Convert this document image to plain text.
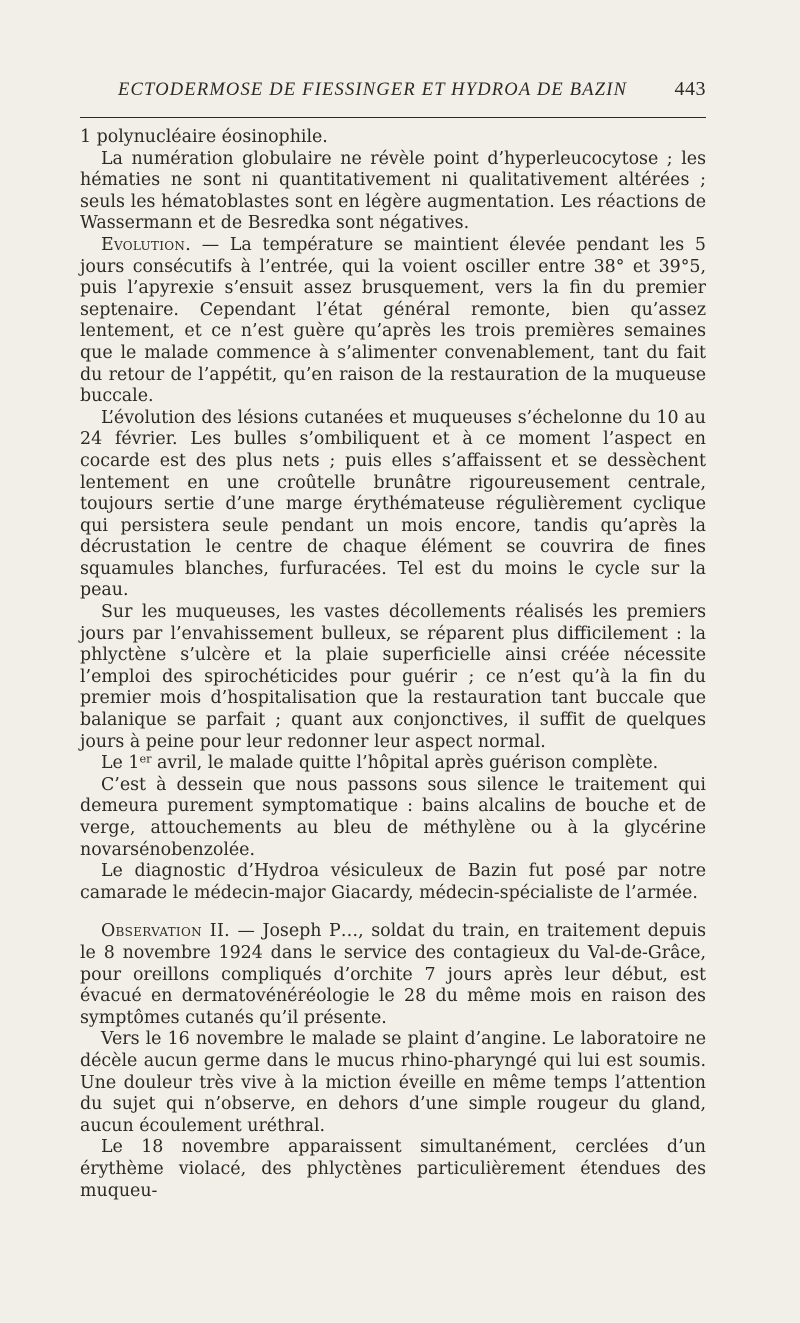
ECTODERMOSE DE FIESSINGER ET HYDROA DE BAZIN 443

1 polynucléaire éosinophile.

La numération globulaire ne révèle point d’hyperleucocytose ; les hématies ne sont ni quantitativement ni qualitativement altérées ; seuls les hématoblastes sont en légère augmentation. Les réactions de Wassermann et de Besredka sont négatives.

Evolution. — La température se maintient élevée pendant les 5 jours consécutifs à l’entrée, qui la voient osciller entre 38° et 39°5, puis l’apyrexie s’ensuit assez brusquement, vers la fin du premier septenaire. Cependant l’état général remonte, bien qu’assez lentement, et ce n’est guère qu’après les trois premières semaines que le malade commence à s’alimenter convenablement, tant du fait du retour de l’appétit, qu’en raison de la restauration de la muqueuse buccale.

L’évolution des lésions cutanées et muqueuses s’échelonne du 10 au 24 février. Les bulles s’ombiliquent et à ce moment l’aspect en cocarde est des plus nets ; puis elles s’affaissent et se dessèchent lentement en une croûtelle brunâtre rigoureusement centrale, toujours sertie d’une marge érythémateuse régulièrement cyclique qui persistera seule pendant un mois encore, tandis qu’après la décrustation le centre de chaque élément se couvrira de fines squamules blanches, furfuracées. Tel est du moins le cycle sur la peau.

Sur les muqueuses, les vastes décollements réalisés les premiers jours par l’envahissement bulleux, se réparent plus difficilement : la phlyctène s’ulcère et la plaie superficielle ainsi créée nécessite l’emploi des spirochéticides pour guérir ; ce n’est qu’à la fin du premier mois d’hospitalisation que la restauration tant buccale que balanique se parfait ; quant aux conjonctives, il suffit de quelques jours à peine pour leur redonner leur aspect normal.

Le 1er avril, le malade quitte l’hôpital après guérison complète.

C’est à dessein que nous passons sous silence le traitement qui demeura purement symptomatique : bains alcalins de bouche et de verge, attouchements au bleu de méthylène ou à la glycérine novarsénobenzolée.

Le diagnostic d’Hydroa vésiculeux de Bazin fut posé par notre camarade le médecin-major Giacardy, médecin-spécialiste de l’armée.

Observation II. — Joseph P…, soldat du train, en traitement depuis le 8 novembre 1924 dans le service des contagieux du Val-de-Grâce, pour oreillons compliqués d’orchite 7 jours après leur début, est évacué en dermatovénéréologie le 28 du même mois en raison des symptômes cutanés qu’il présente.

Vers le 16 novembre le malade se plaint d’angine. Le laboratoire ne décèle aucun germe dans le mucus rhino-pharyngé qui lui est soumis. Une douleur très vive à la miction éveille en même temps l’attention du sujet qui n’observe, en dehors d’une simple rougeur du gland, aucun écoulement uréthral.

Le 18 novembre apparaissent simultanément, cerclées d’un érythème violacé, des phlyctènes particulièrement étendues des muqueu-
